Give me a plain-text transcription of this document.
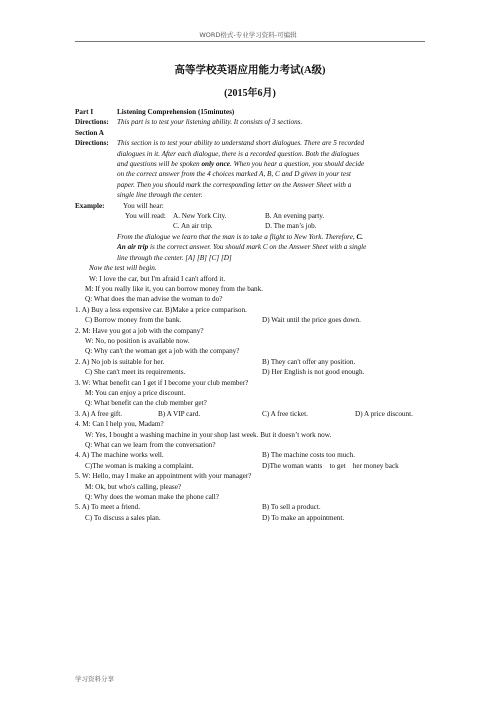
WORD格式-专业学习资料-可编辑
高等学校英语应用能力考试(A级)
(2015年6月)
Part I	Listening Comprehension (15minutes)
Directions:	This part is to test your listening ability. It consists of 3 sections.
Section A
Directions:	This section is to test your ability to understand short dialogues. There are 5 recorded
dialogues in it. After each dialogue, there is a recorded question. Both the dialogues
and questions will be spoken only once. When you hear a question, you should decide
on the correct answer from the 4 choices marked A, B, C and D given in your test
paper. Then you should mark the corresponding letter on the Answer Sheet with a
single line through the center.
Example:	You will hear:
You will read: A. New York City.	B. An evening party.
C. An air trip.	D. The man’s job.
From the dialogue we learn that the man is to take a flight to New York. Therefore, C.
An air trip is the correct answer. You should mark C on the Answer Sheet with a single
line through the center. [A] [B] [C] [D]
Now the test will begin.
W: I love the car, but I'm afraid I can't afford it.
M: If you really like it, you can borrow money from the bank.
Q: What does the man advise the woman to do?
1. A) Buy a less expensive car. B)Make a price comparison.
C) Borrow money from the bank.	D) Wait until the price goes down.
2. M: Have you got a job with the company?
W: No, no position is available now.
Q: Why can't the woman get a job with the company?
2. A) No job is suitable for her.	B) They can't offer any position.
C) She can't meet its requirements.	D) Her English is not good enough.
3. W: What benefit can I get if I become your club member?
M: You can enjoy a price discount.
Q: What benefit can the club member get?
3. A) A free gift.	B) A VIP card.	C) A free ticket.	D) A price discount.
4. M: Can I help you, Madam?
W: Yes, I bought a washing machine in your shop last week. But it doesn’t work now.
Q: What can we learn from the conversation?
4. A) The machine works well.	B) The machine costs too much.
C)The woman is making a complaint.	D)The woman wants    to get    her money back
5. W: Hello, may I make an appointment with your manager?
M: Ok, but who's calling, please?
Q: Why does the woman make the phone call?
5. A) To meet a friend.	B) To sell a product.
C) To discuss a sales plan.	D) To make an appointment.
学习资料分享
